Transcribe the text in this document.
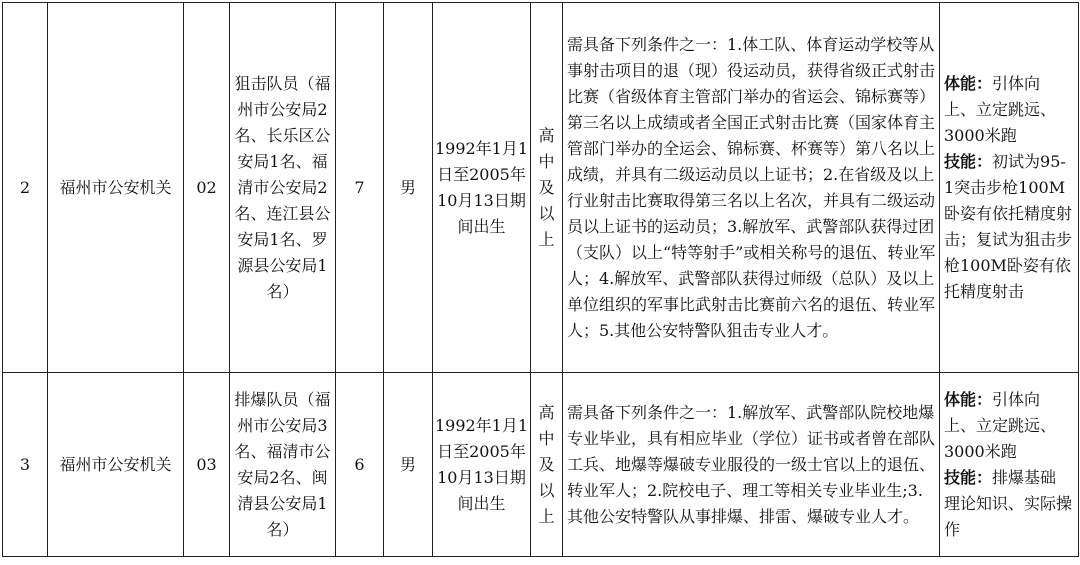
2	福州市公安机关	02	狙击队员（福州市公安局2名、长乐区公安局1名、福清市公安局2名、连江县公安局1名、罗源县公安局1名）	7	男	1992年1月1日至2005年10月13日期间出生	高中及以上	需具备下列条件之一：1.体工队、体育运动学校等从事射击项目的退（现）役运动员，获得省级正式射击比赛（省级体育主管部门举办的省运会、锦标赛等）第三名以上成绩或者全国正式射击比赛（国家体育主管部门举办的全运会、锦标赛、杯赛等）第八名以上成绩，并具有二级运动员以上证书；2.在省级及以上行业射击比赛取得第三名以上名次，并具有二级运动员以上证书的运动员；3.解放军、武警部队获得过团（支队）以上“特等射手”或相关称号的退伍、转业军人；4.解放军、武警部队获得过师级（总队）及以上单位组织的军事比武射击比赛前六名的退伍、转业军人；5.其他公安特警队狙击专业人才。	体能：引体向上、立定跳远、3000米跑
技能：初试为95-1突击步枪100M卧姿有依托精度射击；复试为狙击步枪100M卧姿有依托精度射击

3	福州市公安机关	03	排爆队员（福州市公安局3名、福清市公安局2名、闽清县公安局1名）	6	男	1992年1月1日至2005年10月13日期间出生	高中及以上	需具备下列条件之一：1.解放军、武警部队院校地爆专业毕业，具有相应毕业（学位）证书或者曾在部队工兵、地爆等爆破专业服役的一级士官以上的退伍、转业军人；2.院校电子、理工等相关专业毕业生;3.其他公安特警队从事排爆、排雷、爆破专业人才。	体能：引体向上、立定跳远、3000米跑
技能：排爆基础理论知识、实际操作
